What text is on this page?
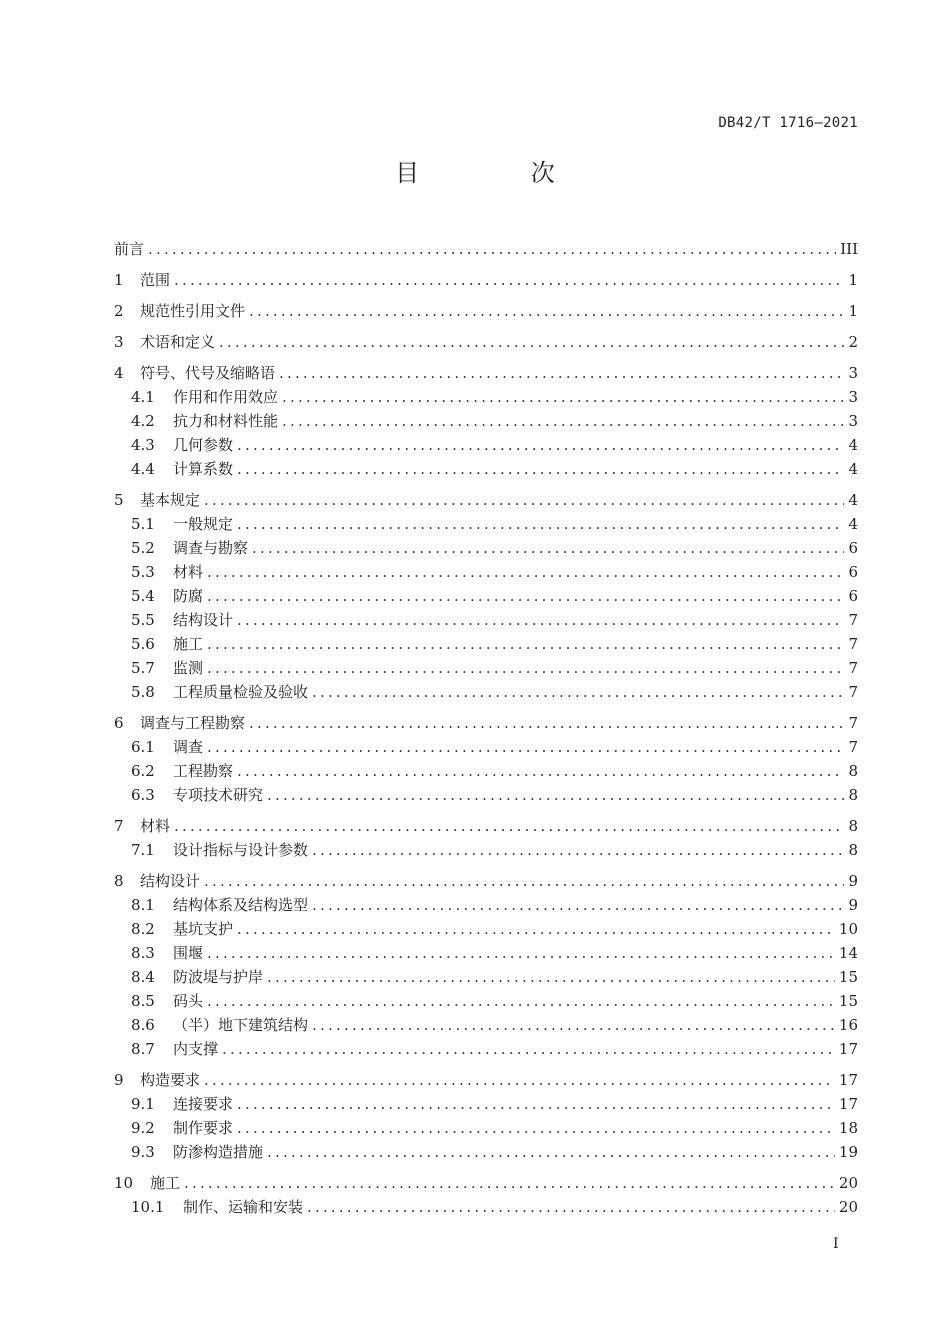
DB42/T 1716—2021
目 次
前言 .....	III
1	范围 .....	1
2	规范性引用文件 .....	1
3	术语和定义 .....	2
4	符号、代号及缩略语 .....	3
4.1	作用和作用效应 .....	3
4.2	抗力和材料性能 .....	3
4.3	几何参数 .....	4
4.4	计算系数 .....	4
5	基本规定 .....	4
5.1	一般规定 .....	4
5.2	调查与勘察 .....	6
5.3	材料 .....	6
5.4	防腐 .....	6
5.5	结构设计 .....	7
5.6	施工 .....	7
5.7	监测 .....	7
5.8	工程质量检验及验收 .....	7
6	调查与工程勘察 .....	7
6.1	调查 .....	7
6.2	工程勘察 .....	8
6.3	专项技术研究 .....	8
7	材料 .....	8
7.1	设计指标与设计参数 .....	8
8	结构设计 .....	9
8.1	结构体系及结构选型 .....	9
8.2	基坑支护 .....	10
8.3	围堰 .....	14
8.4	防波堤与护岸 .....	15
8.5	码头 .....	15
8.6	（半）地下建筑结构 .....	16
8.7	内支撑 .....	17
9	构造要求 .....	17
9.1	连接要求 .....	17
9.2	制作要求 .....	18
9.3	防渗构造措施 .....	19
10	施工 .....	20
10.1	制作、运输和安装 .....	20
I
